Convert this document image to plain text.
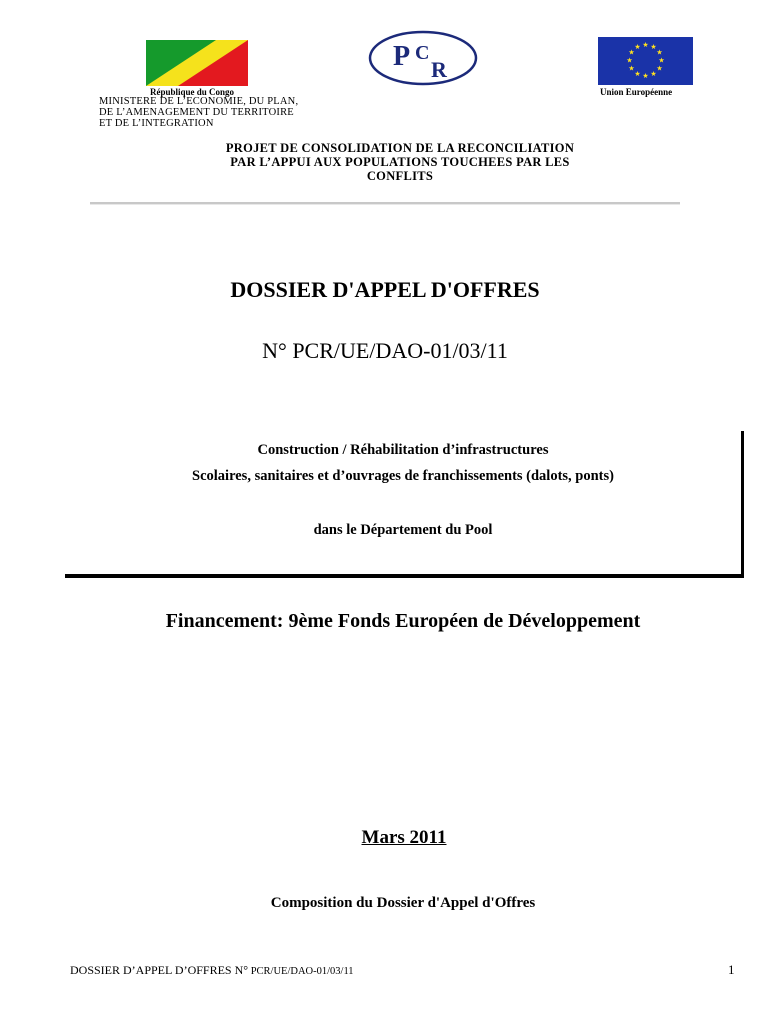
République du Congo
MINISTERE DE L’ECONOMIE, DU PLAN,
DE L’AMENAGEMENT DU TERRITOIRE
ET DE L’INTEGRATION
P C
R
★ ★
★
★
★
★
★
★
★
★
★
★
Union Européenne
PROJET DE CONSOLIDATION DE LA RECONCILIATION
PAR L’APPUI AUX POPULATIONS TOUCHEES PAR LES
CONFLITS
DOSSIER D'APPEL D'OFFRES
N° PCR/UE/DAO-01/03/11
Construction / Réhabilitation d’infrastructures
Scolaires, sanitaires et d’ouvrages de franchissements (dalots, ponts)
dans le Département du Pool
Financement: 9ème Fonds Européen de Développement
Mars 2011
Composition du Dossier d'Appel d'Offres
DOSSIER D’APPEL D’OFFRES N° PCR/UE/DAO-01/03/11	1
